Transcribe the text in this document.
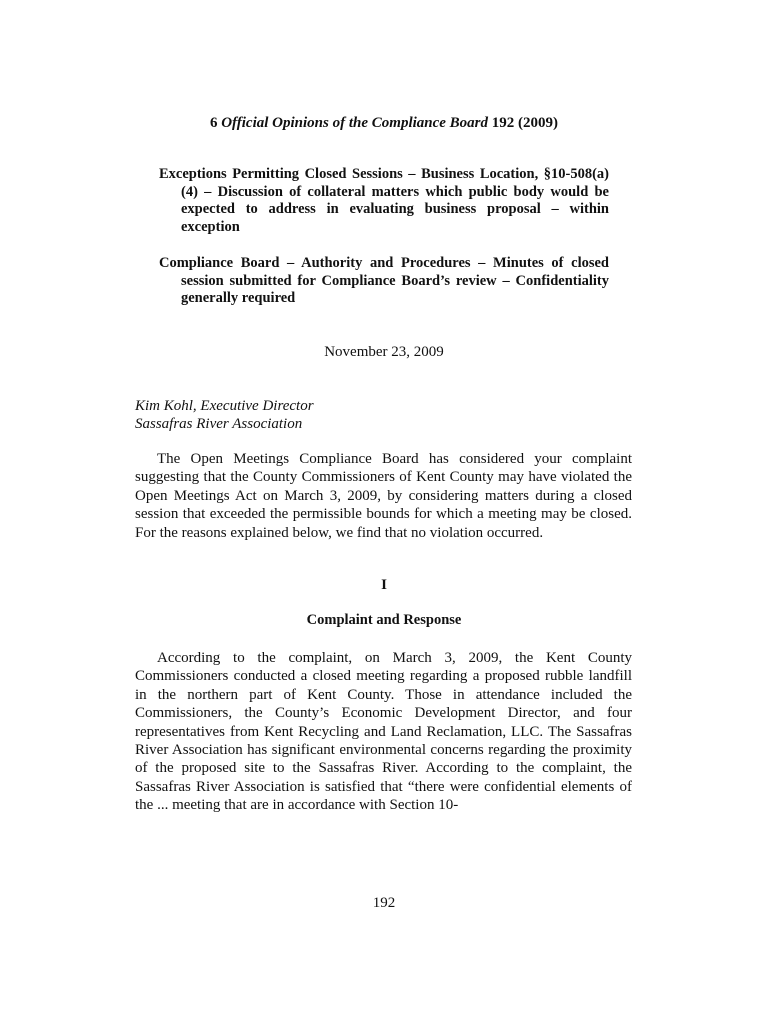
6 Official Opinions of the Compliance Board 192 (2009)
Exceptions Permitting Closed Sessions – Business Location, §10-508(a)(4) – Discussion of collateral matters which public body would be expected to address in evaluating business proposal – within exception
Compliance Board – Authority and Procedures – Minutes of closed session submitted for Compliance Board’s review – Confidentiality generally required
November 23, 2009
Kim Kohl, Executive Director
Sassafras River Association
The Open Meetings Compliance Board has considered your complaint suggesting that the County Commissioners of Kent County may have violated the Open Meetings Act on March 3, 2009, by considering matters during a closed session that exceeded the permissible bounds for which a meeting may be closed. For the reasons explained below, we find that no violation occurred.
I
Complaint and Response
According to the complaint, on March 3, 2009, the Kent County Commissioners conducted a closed meeting regarding a proposed rubble landfill in the northern part of Kent County. Those in attendance included the Commissioners, the County’s Economic Development Director, and four representatives from Kent Recycling and Land Reclamation, LLC. The Sassafras River Association has significant environmental concerns regarding the proximity of the proposed site to the Sassafras River. According to the complaint, the Sassafras River Association is satisfied that “there were confidential elements of the ... meeting that are in accordance with Section 10-
192
